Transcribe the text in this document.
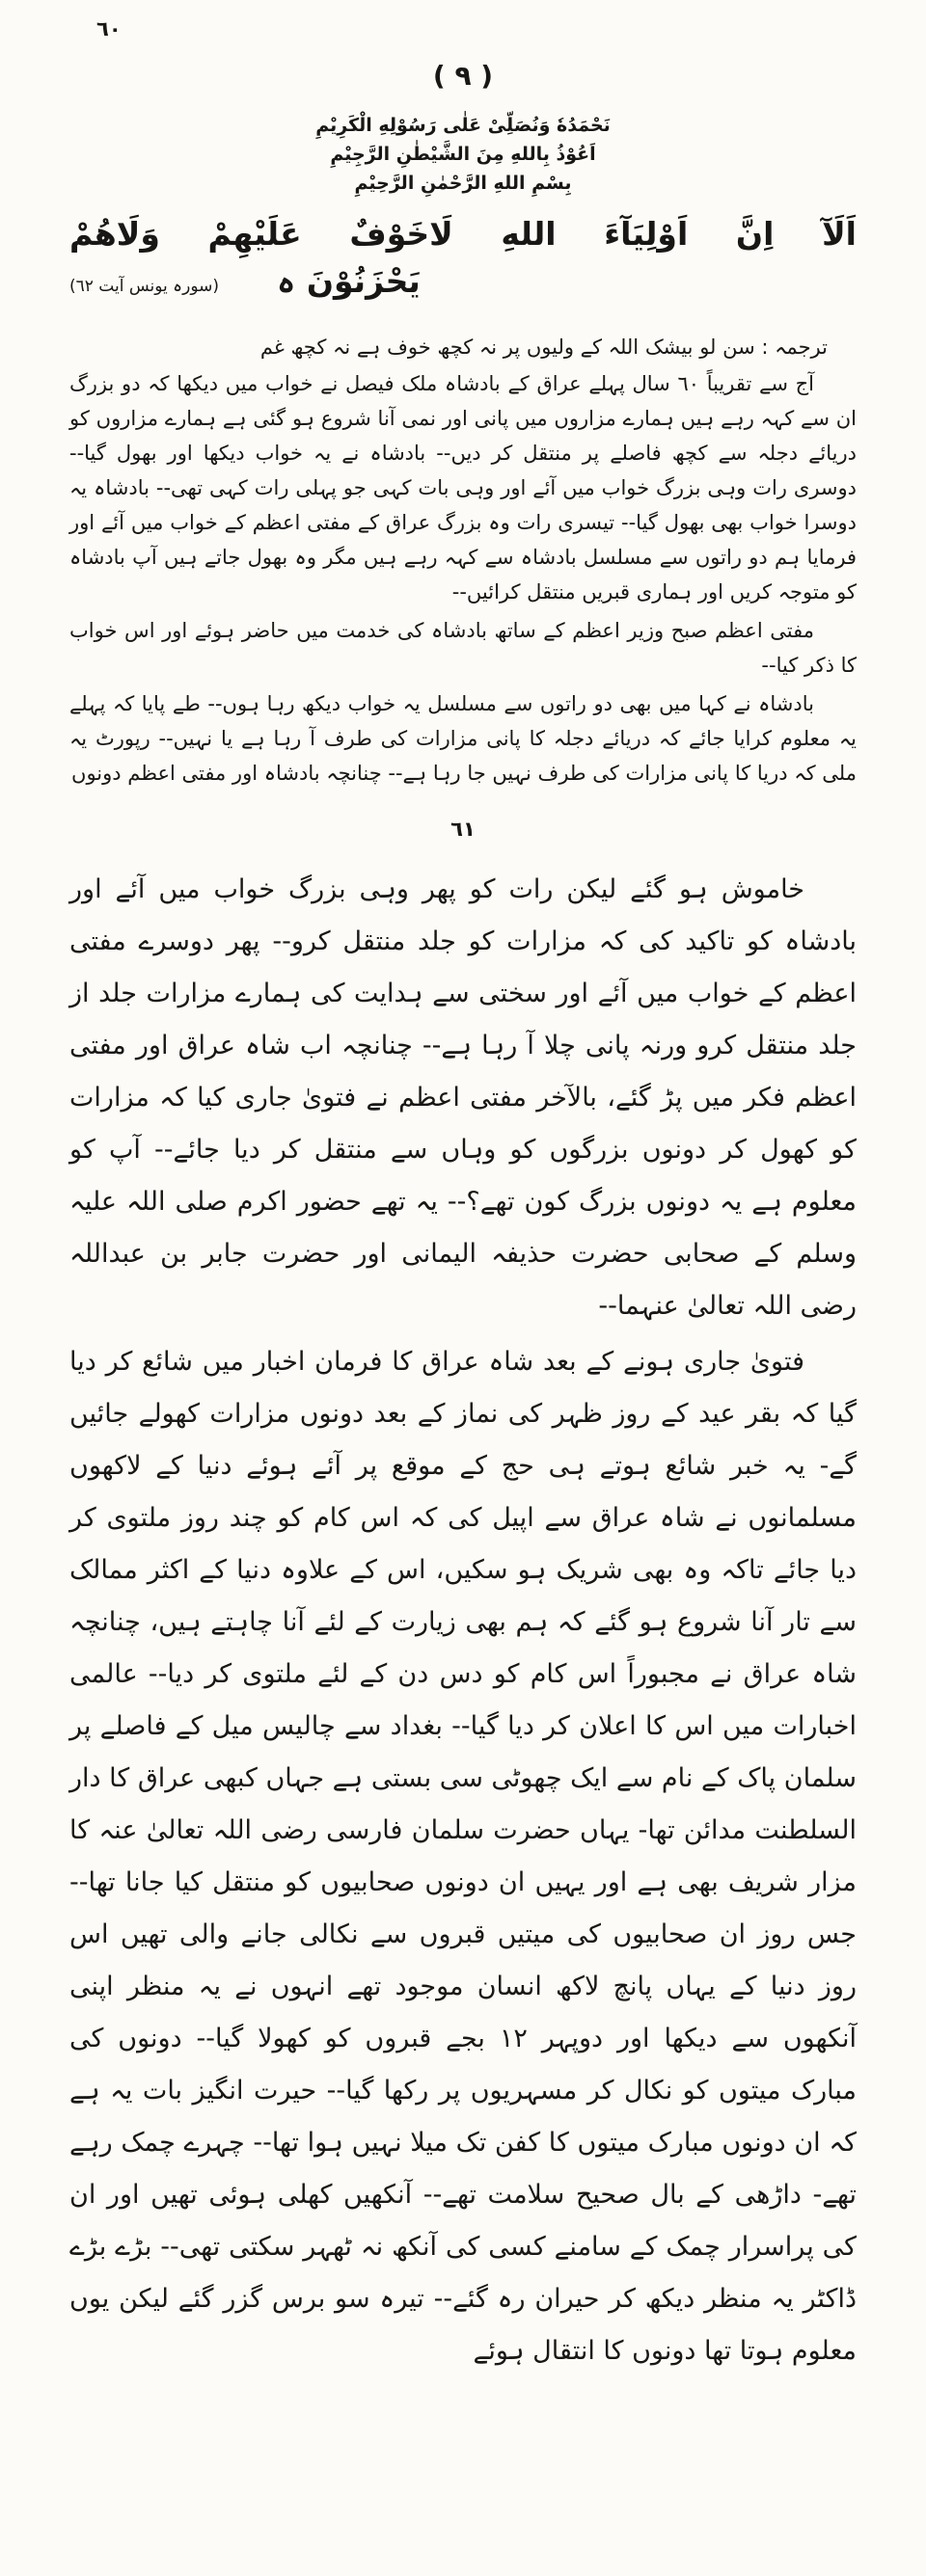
٦٠
( ٩ )
نَحْمَدُهٗ وَنُصَلِّىْ عَلٰى رَسُوْلِهِ الْكَرِيْمِ
اَعُوْذُ بِاللهِ مِنَ الشَّيْطٰنِ الرَّجِيْمِ
بِسْمِ اللهِ الرَّحْمٰنِ الرَّحِيْمِ
اَلَآ اِنَّ اَوْلِيَآءَ اللهِ لَاخَوْفٌ عَلَيْهِمْ وَلَاهُمْ
(سورہ یونس آیت ٦٢) يَحْزَنُوْنَ ہ

ترجمہ : سن لو بیشک اللہ کے ولیوں پر نہ کچھ خوف ہے نہ کچھ غم

آج سے تقریباً ٦٠ سال پہلے عراق کے بادشاہ ملک فیصل نے خواب میں دیکھا کہ دو بزرگ ان سے کہہ رہے ہیں ہمارے مزاروں میں پانی اور نمی آنا شروع ہو گئی ہے ہمارے مزاروں کو دریائے دجلہ سے کچھ فاصلے پر منتقل کر دیں-- بادشاہ نے یہ خواب دیکھا اور بھول گیا-- دوسری رات وہی بزرگ خواب میں آئے اور وہی بات کہی جو پہلی رات کہی تھی-- بادشاہ یہ دوسرا خواب بھی بھول گیا-- تیسری رات وہ بزرگ عراق کے مفتی اعظم کے خواب میں آئے اور فرمایا ہم دو راتوں سے مسلسل بادشاہ سے کہہ رہے ہیں مگر وہ بھول جاتے ہیں آپ بادشاہ کو متوجہ کریں اور ہماری قبریں منتقل کرائیں--

مفتی اعظم صبح وزیر اعظم کے ساتھ بادشاہ کی خدمت میں حاضر ہوئے اور اس خواب کا ذکر کیا--

بادشاہ نے کہا میں بھی دو راتوں سے مسلسل یہ خواب دیکھ رہا ہوں-- طے پایا کہ پہلے یہ معلوم کرایا جائے کہ دریائے دجلہ کا پانی مزارات کی طرف آ رہا ہے یا نہیں-- رپورٹ یہ ملی کہ دریا کا پانی مزارات کی طرف نہیں جا رہا ہے-- چنانچہ بادشاہ اور مفتی اعظم دونوں

٦١

خاموش ہو گئے لیکن رات کو پھر وہی بزرگ خواب میں آئے اور بادشاہ کو تاکید کی کہ مزارات کو جلد منتقل کرو-- پھر دوسرے مفتی اعظم کے خواب میں آئے اور سختی سے ہدایت کی ہمارے مزارات جلد از جلد منتقل کرو ورنہ پانی چلا آ رہا ہے-- چنانچہ اب شاہ عراق اور مفتی اعظم فکر میں پڑ گئے، بالآخر مفتی اعظم نے فتویٰ جاری کیا کہ مزارات کو کھول کر دونوں بزرگوں کو وہاں سے منتقل کر دیا جائے-- آپ کو معلوم ہے یہ دونوں بزرگ کون تھے؟-- یہ تھے حضور اکرم صلی اللہ علیہ وسلم کے صحابی حضرت حذیفہ الیمانی اور حضرت جابر بن عبداللہ رضی اللہ تعالیٰ عنہما--

فتویٰ جاری ہونے کے بعد شاہ عراق کا فرمان اخبار میں شائع کر دیا گیا کہ بقر عید کے روز ظہر کی نماز کے بعد دونوں مزارات کھولے جائیں گے- یہ خبر شائع ہوتے ہی حج کے موقع پر آئے ہوئے دنیا کے لاکھوں مسلمانوں نے شاہ عراق سے اپیل کی کہ اس کام کو چند روز ملتوی کر دیا جائے تاکہ وہ بھی شریک ہو سکیں، اس کے علاوہ دنیا کے اکثر ممالک سے تار آنا شروع ہو گئے کہ ہم بھی زیارت کے لئے آنا چاہتے ہیں، چنانچہ شاہ عراق نے مجبوراً اس کام کو دس دن کے لئے ملتوی کر دیا-- عالمی اخبارات میں اس کا اعلان کر دیا گیا-- بغداد سے چالیس میل کے فاصلے پر سلمان پاک کے نام سے ایک چھوٹی سی بستی ہے جہاں کبھی عراق کا دار السلطنت مدائن تھا- یہاں حضرت سلمان فارسی رضی اللہ تعالیٰ عنہ کا مزار شریف بھی ہے اور یہیں ان دونوں صحابیوں کو منتقل کیا جانا تھا-- جس روز ان صحابیوں کی میتیں قبروں سے نکالی جانے والی تھیں اس روز دنیا کے یہاں پانچ لاکھ انسان موجود تھے انہوں نے یہ منظر اپنی آنکھوں سے دیکھا اور دوپہر ١٢ بجے قبروں کو کھولا گیا-- دونوں کی مبارک میتوں کو نکال کر مسہریوں پر رکھا گیا-- حیرت انگیز بات یہ ہے کہ ان دونوں مبارک میتوں کا کفن تک میلا نہیں ہوا تھا-- چہرے چمک رہے تھے- داڑھی کے بال صحیح سلامت تھے-- آنکھیں کھلی ہوئی تھیں اور ان کی پراسرار چمک کے سامنے کسی کی آنکھ نہ ٹھہر سکتی تھی-- بڑے بڑے ڈاکٹر یہ منظر دیکھ کر حیران رہ گئے-- تیرہ سو برس گزر گئے لیکن یوں معلوم ہوتا تھا دونوں کا انتقال ہوئے
